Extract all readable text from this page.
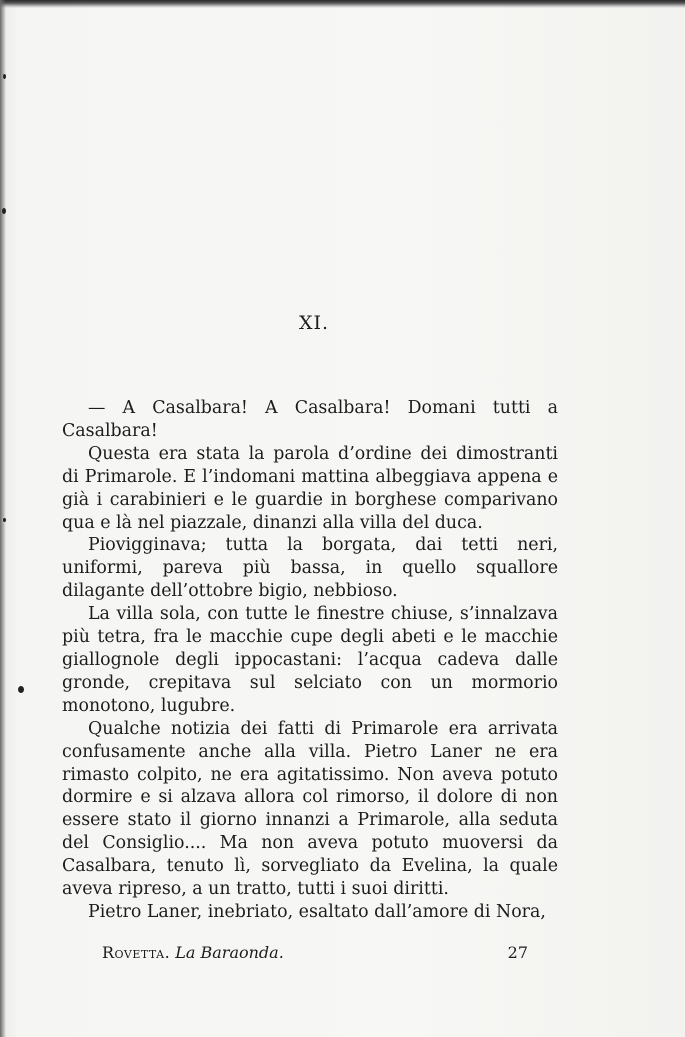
XI.

— A Casalbara! A Casalbara! Domani tutti a Casalbara!

Questa era stata la parola d’ordine dei dimostranti di Primarole. E l’indomani mattina albeggiava appena e già i carabinieri e le guardie in borghese comparivano qua e là nel piazzale, dinanzi alla villa del duca.

Piovigginava; tutta la borgata, dai tetti neri, uniformi, pareva più bassa, in quello squallore dilagante dell’ottobre bigio, nebbioso.

La villa sola, con tutte le finestre chiuse, s’innalzava più tetra, fra le macchie cupe degli abeti e le macchie giallognole degli ippocastani: l’acqua cadeva dalle gronde, crepitava sul selciato con un mormorio monotono, lugubre.

Qualche notizia dei fatti di Primarole era arrivata confusamente anche alla villa. Pietro Laner ne era rimasto colpito, ne era agitatissimo. Non aveva potuto dormire e si alzava allora col rimorso, il dolore di non essere stato il giorno innanzi a Primarole, alla seduta del Consiglio.... Ma non aveva potuto muoversi da Casalbara, tenuto lì, sorvegliato da Evelina, la quale aveva ripreso, a un tratto, tutti i suoi diritti.

Pietro Laner, inebriato, esaltato dall’amore di Nora,

Rovetta. La Baraonda.	27
